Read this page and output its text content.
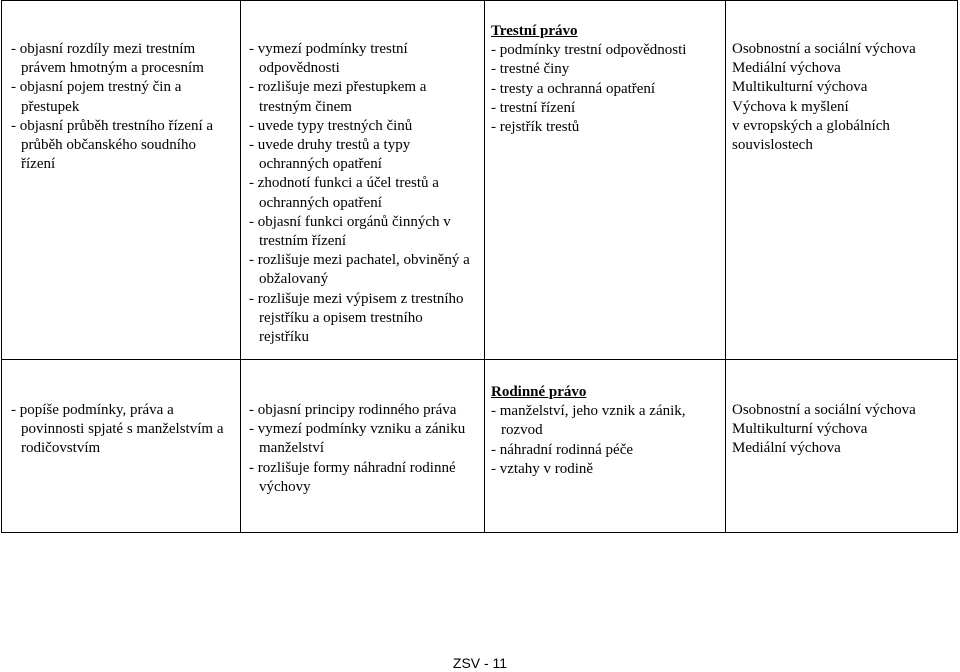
- objasní rozdíly mezi trestním právem hmotným a procesním
- objasní pojem trestný čin a přestupek
- objasní průběh trestního řízení a průběh občanského soudního řízení
- vymezí podmínky trestní odpovědnosti
- rozlišuje mezi přestupkem a trestným činem
- uvede typy trestných činů
- uvede druhy trestů a typy ochranných opatření
- zhodnotí funkci a účel trestů a ochranných opatření
- objasní funkci orgánů činných v trestním řízení
- rozlišuje mezi pachatel, obviněný a obžalovaný
- rozlišuje mezi výpisem z trestního rejstříku a opisem trestního rejstříku
Trestní právo
- podmínky trestní odpovědnosti
- trestné činy
- tresty a ochranná opatření
- trestní řízení
- rejstřík trestů
Osobnostní a sociální výchova
Mediální výchova
Multikulturní výchova
Výchova k myšlení
v evropských a globálních souvislostech
- popíše podmínky, práva a povinnosti spjaté s manželstvím a rodičovstvím
- objasní principy rodinného práva
- vymezí podmínky vzniku a zániku manželství
- rozlišuje formy náhradní rodinné výchovy
Rodinné právo
- manželství, jeho vznik a zánik, rozvod
- náhradní rodinná péče
- vztahy v rodině
Osobnostní a sociální výchova
Multikulturní výchova
Mediální výchova
ZSV - 11
